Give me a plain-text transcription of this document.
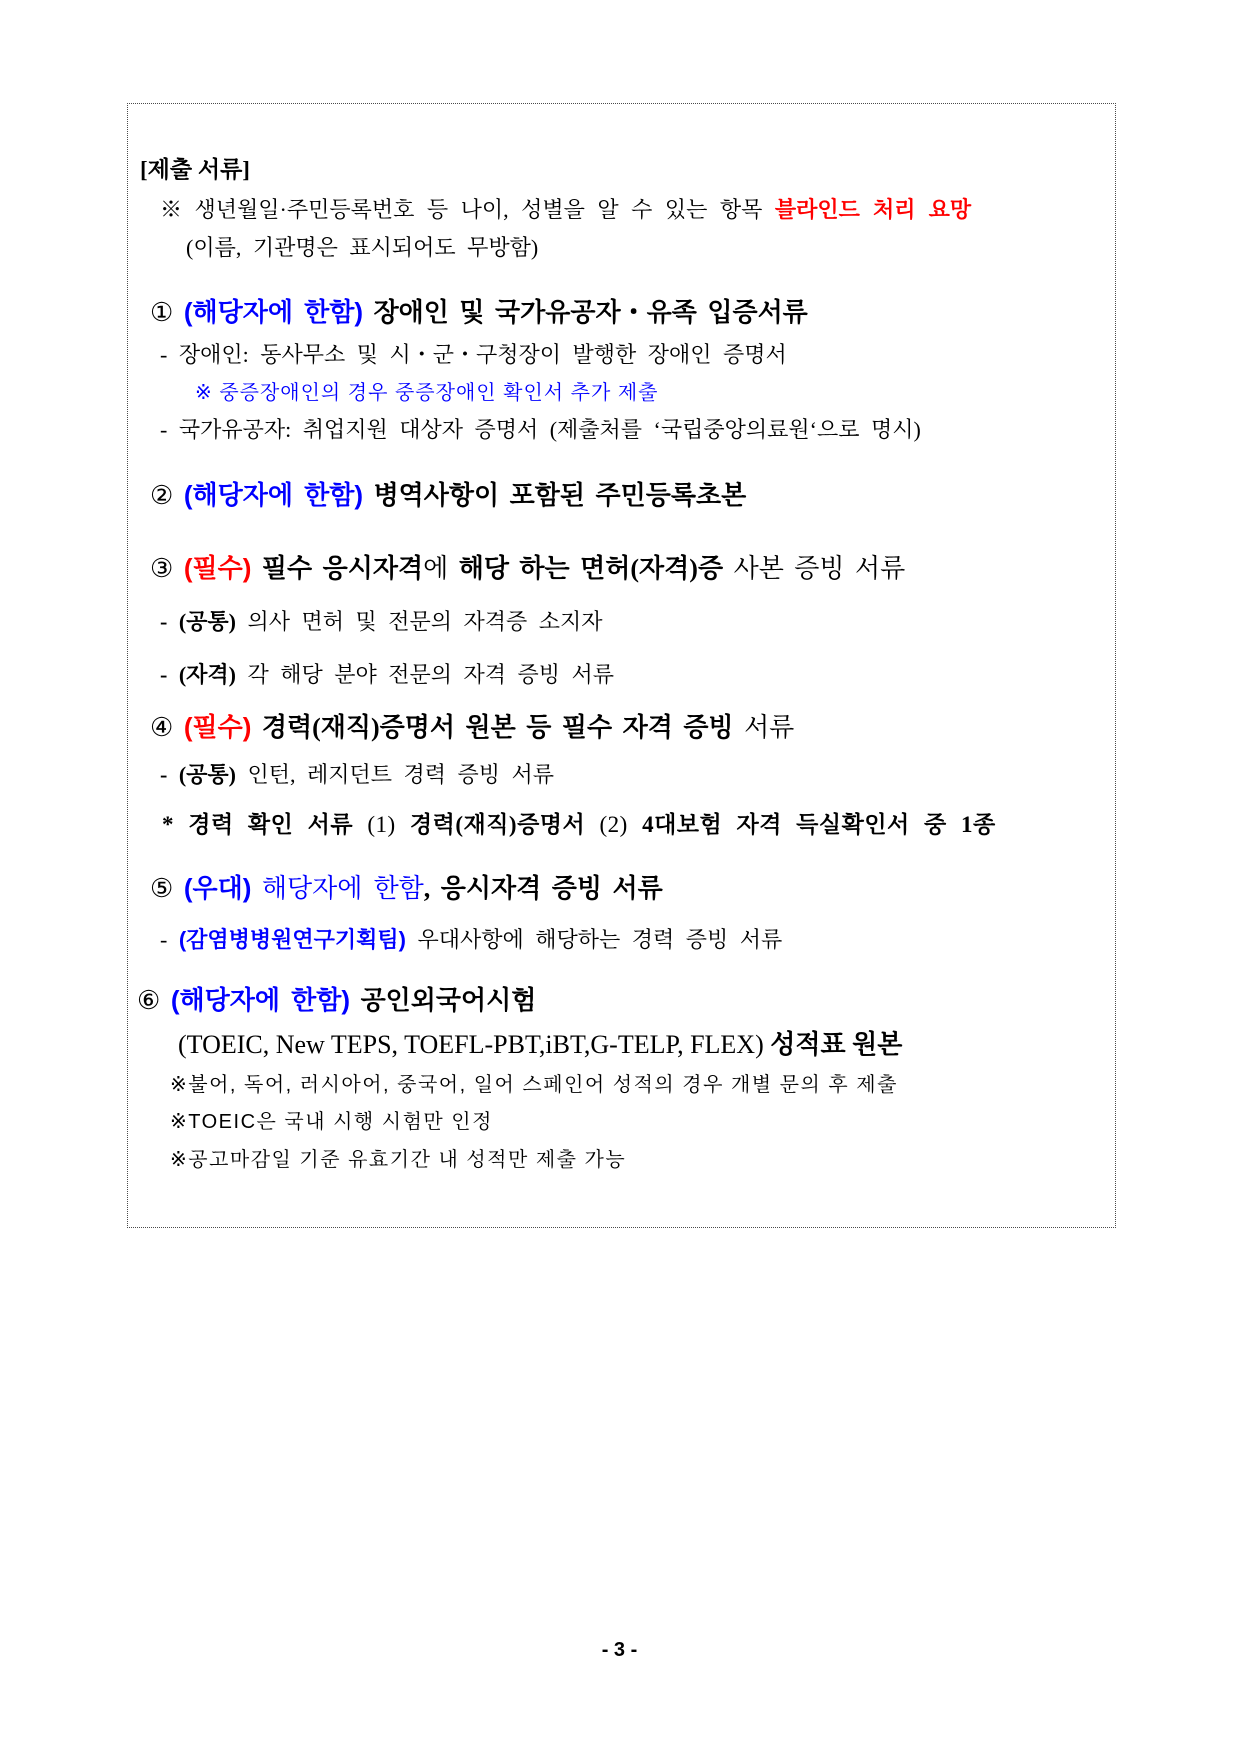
[제출 서류]
※ 생년월일·주민등록번호 등 나이, 성별을 알 수 있는 항목 블라인드 처리 요망
(이름, 기관명은 표시되어도 무방함)
① (해당자에 한함) 장애인 및 국가유공자・유족 입증서류
- 장애인: 동사무소 및 시・군・구청장이 발행한 장애인 증명서
※ 중증장애인의 경우 중증장애인 확인서 추가 제출
- 국가유공자: 취업지원 대상자 증명서 (제출처를 ‘국립중앙의료원‘으로 명시)
② (해당자에 한함) 병역사항이 포함된 주민등록초본
③ (필수) 필수 응시자격에 해당 하는 면허(자격)증 사본 증빙 서류
- (공통) 의사 면허 및 전문의 자격증 소지자
- (자격) 각 해당 분야 전문의 자격 증빙 서류
④ (필수) 경력(재직)증명서 원본 등 필수 자격 증빙 서류
- (공통) 인턴, 레지던트 경력 증빙 서류
* 경력 확인 서류 (1) 경력(재직)증명서 (2) 4대보험 자격 득실확인서 중 1종
⑤ (우대) 해당자에 한함, 응시자격 증빙 서류
- (감염병병원연구기획팀) 우대사항에 해당하는 경력 증빙 서류
⑥ (해당자에 한함) 공인외국어시험
(TOEIC, New TEPS, TOEFL-PBT,iBT,G-TELP, FLEX) 성적표 원본
※불어, 독어, 러시아어, 중국어, 일어 스페인어 성적의 경우 개별 문의 후 제출
※TOEIC은 국내 시행 시험만 인정
※공고마감일 기준 유효기간 내 성적만 제출 가능
- 3 -
